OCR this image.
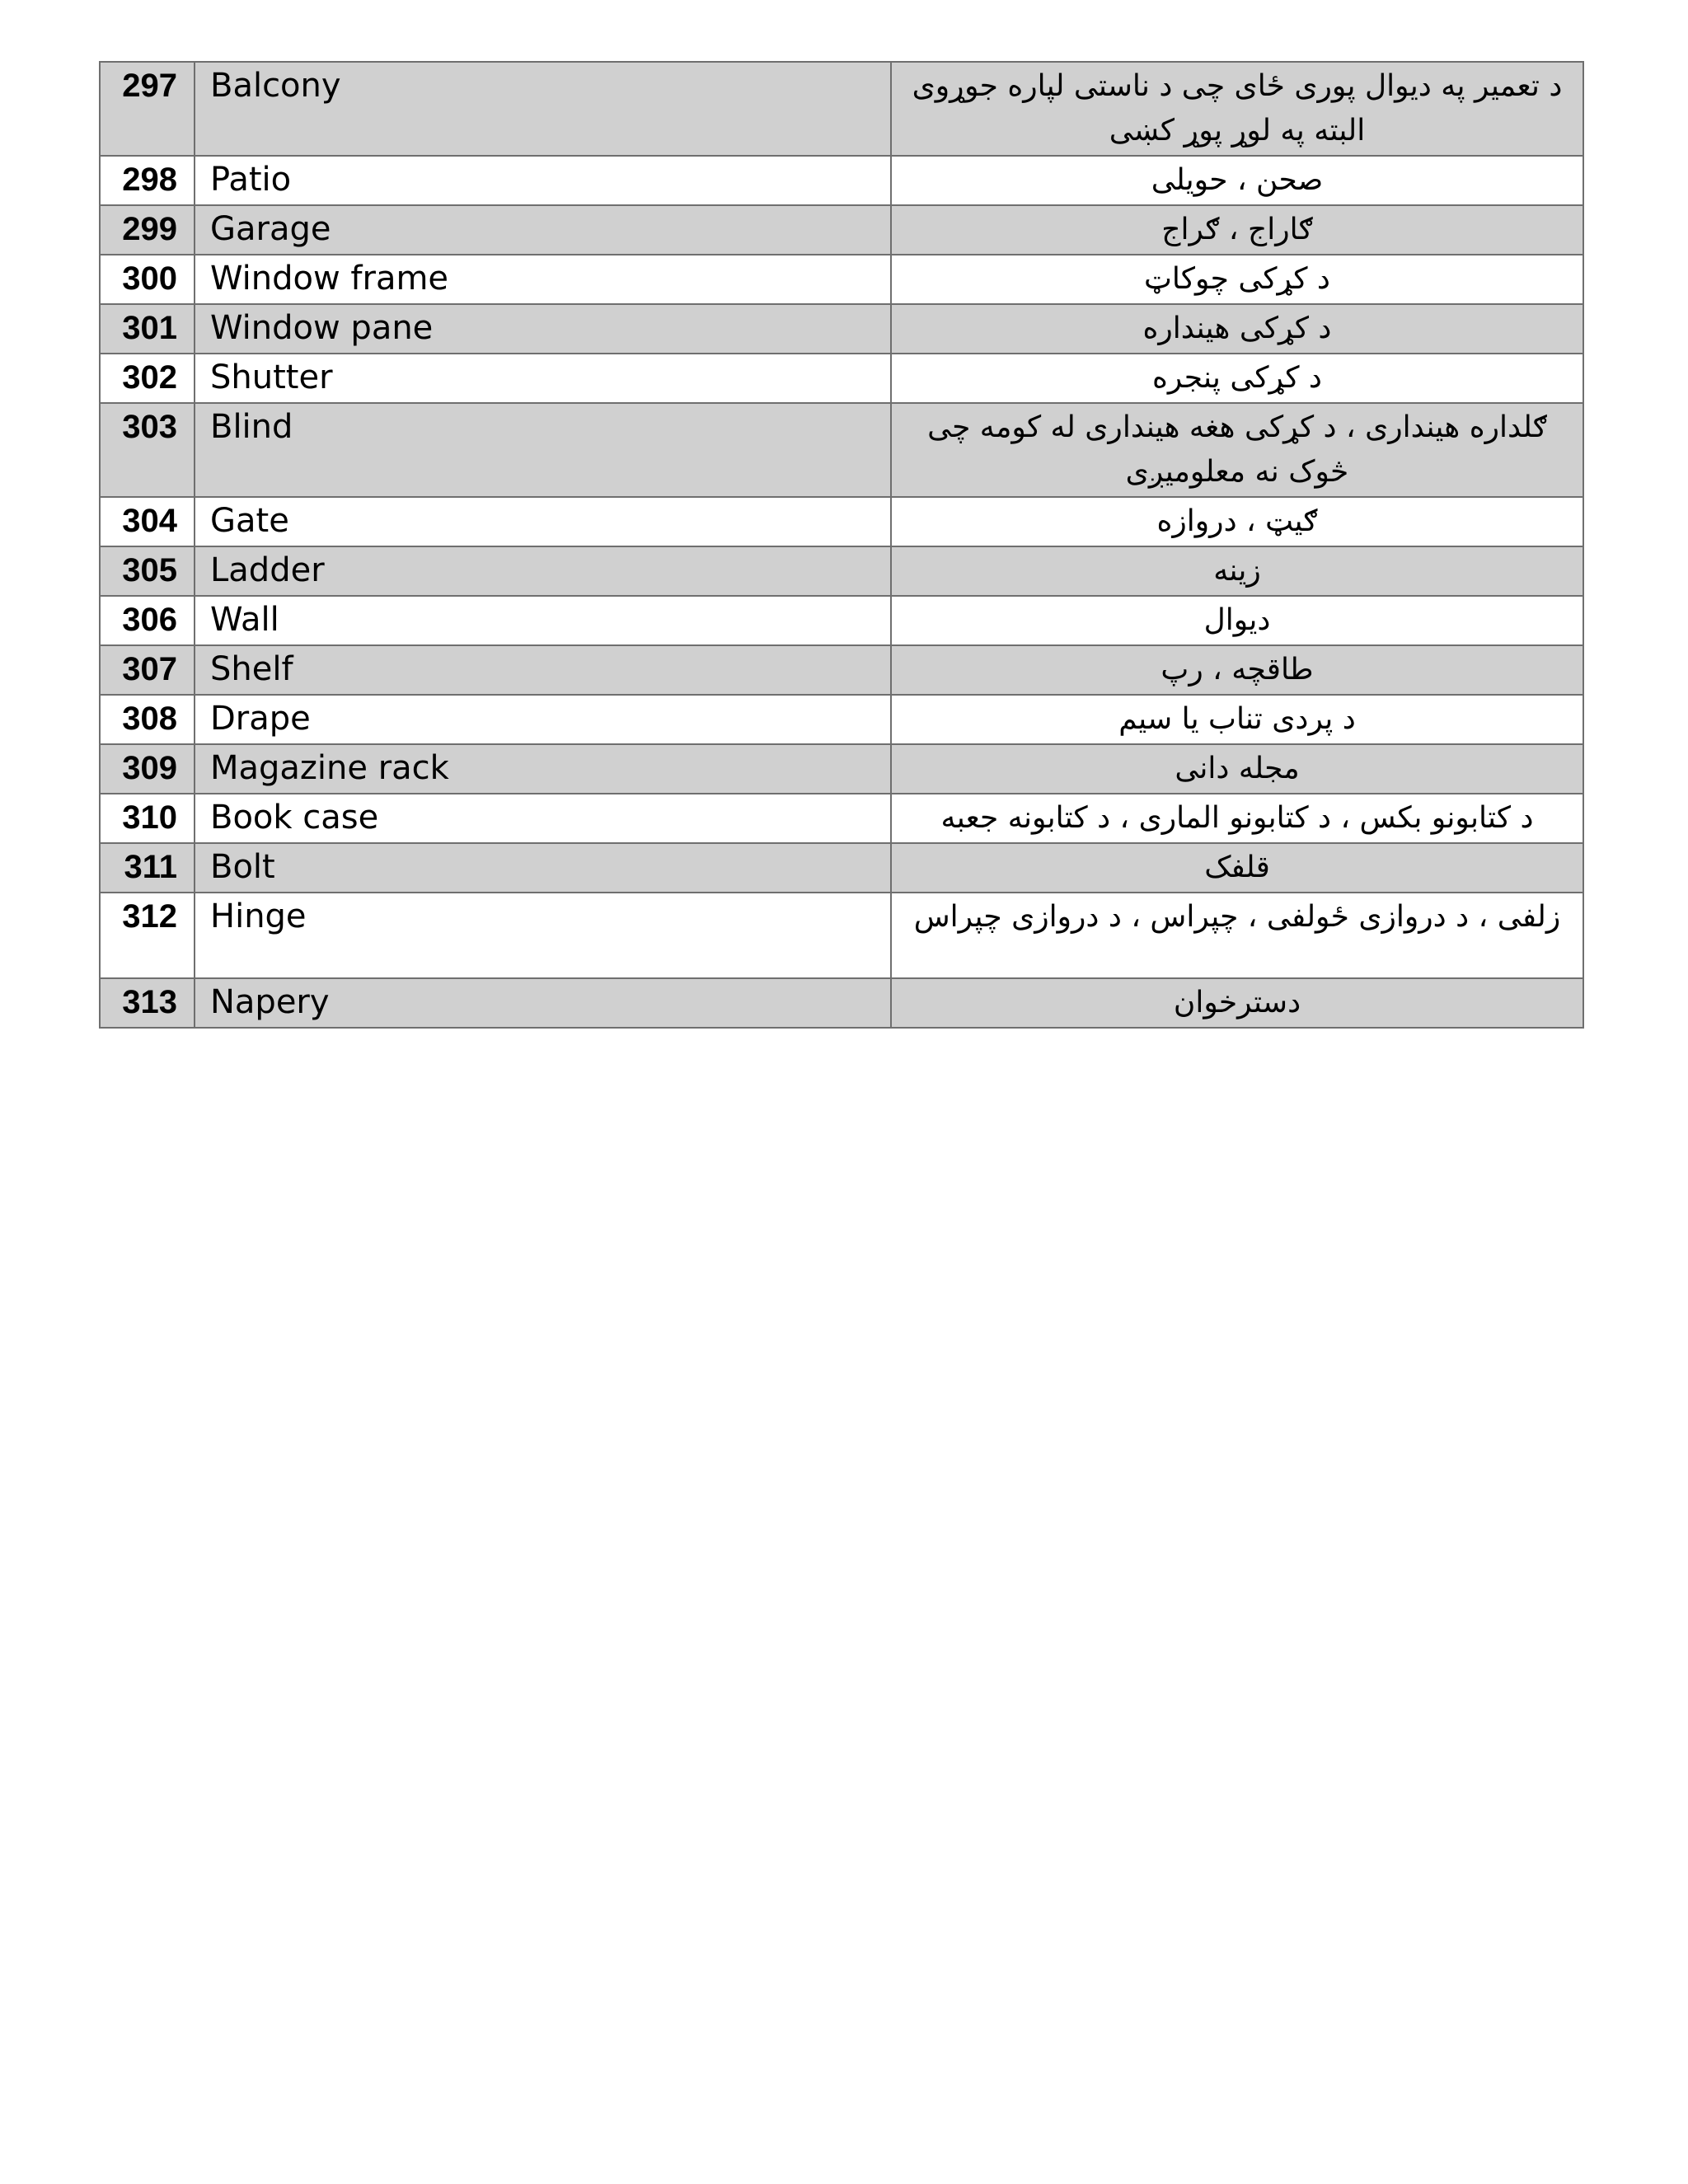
297	Balcony	د تعمیر په دیوال پوری ځای چی د ناستی لپاره جوړوی البته په لوړ پوړ کښی
298	Patio	صحن ، حویلی
299	Garage	ګاراج ، ګراج
300	Window frame	د کړکی چوکاټ
301	Window pane	د کړکی هینداره
302	Shutter	د کړکی پنجره
303	Blind	ګلداره هینداری ، د کړکی هغه هینداری له کومه چی څوک نه معلومیږی
304	Gate	ګیټ ، دروازه
305	Ladder	زینه
306	Wall	دیوال
307	Shelf	طاقچه ، رپ
308	Drape	د پردی تناب یا سیم
309	Magazine rack	مجله دانی
310	Book case	د کتابونو بکس ، د کتابونو الماری ، د کتابونه جعبه
311	Bolt	قلفک
312	Hinge	زلفی ، د دروازی ځولفی ، چپراس ، د دروازی چپراس
313	Napery	دسترخوان
